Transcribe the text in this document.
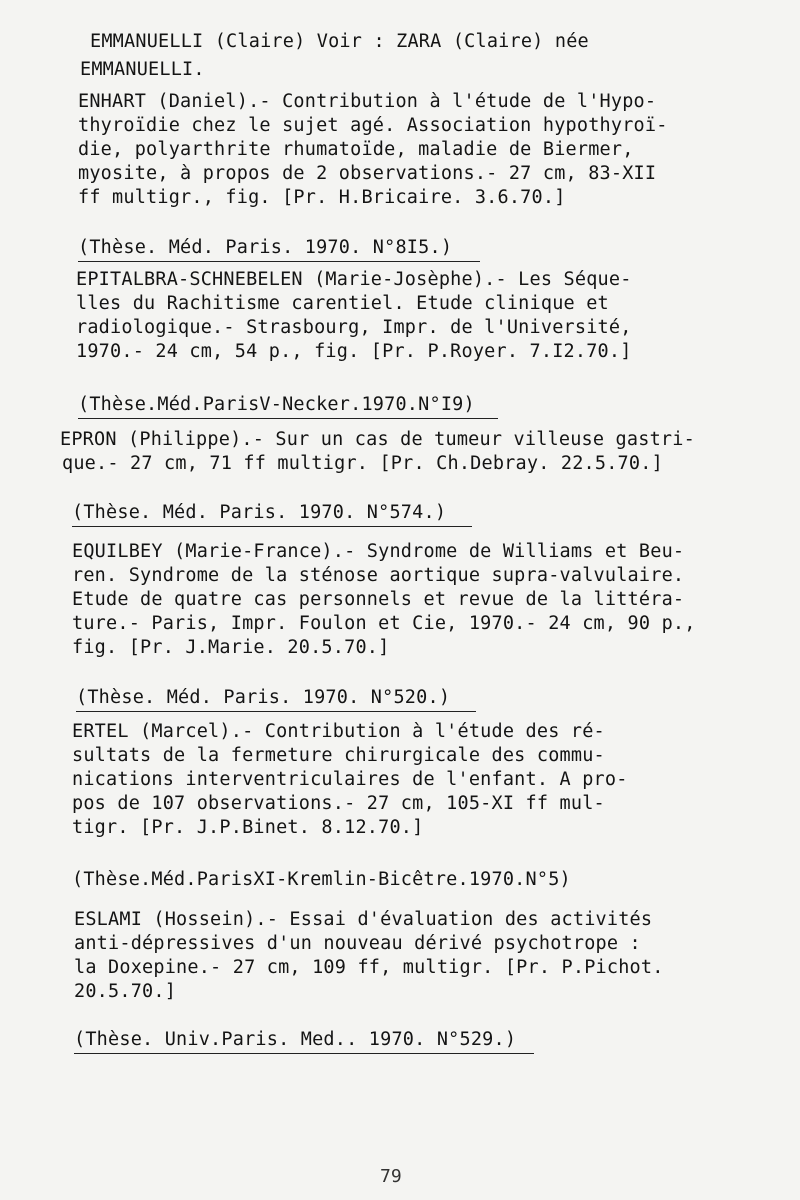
EMMANUELLI (Claire) Voir : ZARA (Claire) née
EMMANUELLI.
ENHART (Daniel).- Contribution à l'étude de l'Hypo-
thyroïdie chez le sujet agé. Association hypothyroï-
die, polyarthrite rhumatoïde, maladie de Biermer,
myosite, à propos de 2 observations.- 27 cm, 83-XII
ff multigr., fig. [Pr. H.Bricaire. 3.6.70.]
(Thèse. Méd. Paris. 1970. N°8I5.)
EPITALBRA-SCHNEBELEN (Marie-Josèphe).- Les Séque-
lles du Rachitisme carentiel. Etude clinique et
radiologique.- Strasbourg, Impr. de l'Université,
1970.- 24 cm, 54 p., fig. [Pr. P.Royer. 7.I2.70.]
(Thèse.Méd.ParisV-Necker.1970.N°I9)
EPRON (Philippe).- Sur un cas de tumeur villeuse gastri-
que.- 27 cm, 71 ff multigr. [Pr. Ch.Debray. 22.5.70.]
(Thèse. Méd. Paris. 1970. N°574.)
EQUILBEY (Marie-France).- Syndrome de Williams et Beu-
ren. Syndrome de la sténose aortique supra-valvulaire.
Etude de quatre cas personnels et revue de la littéra-
ture.- Paris, Impr. Foulon et Cie, 1970.- 24 cm, 90 p.,
fig. [Pr. J.Marie. 20.5.70.]
(Thèse. Méd. Paris. 1970. N°520.)
ERTEL (Marcel).- Contribution à l'étude des ré-
sultats de la fermeture chirurgicale des commu-
nications interventriculaires de l'enfant. A pro-
pos de 107 observations.- 27 cm, 105-XI ff mul-
tigr. [Pr. J.P.Binet. 8.12.70.]
(Thèse.Méd.ParisXI-Kremlin-Bicêtre.1970.N°5)
ESLAMI (Hossein).- Essai d'évaluation des activités
anti-dépressives d'un nouveau dérivé psychotrope :
la Doxepine.- 27 cm, 109 ff, multigr. [Pr. P.Pichot.
20.5.70.]
(Thèse. Univ.Paris. Med.. 1970. N°529.)
79
